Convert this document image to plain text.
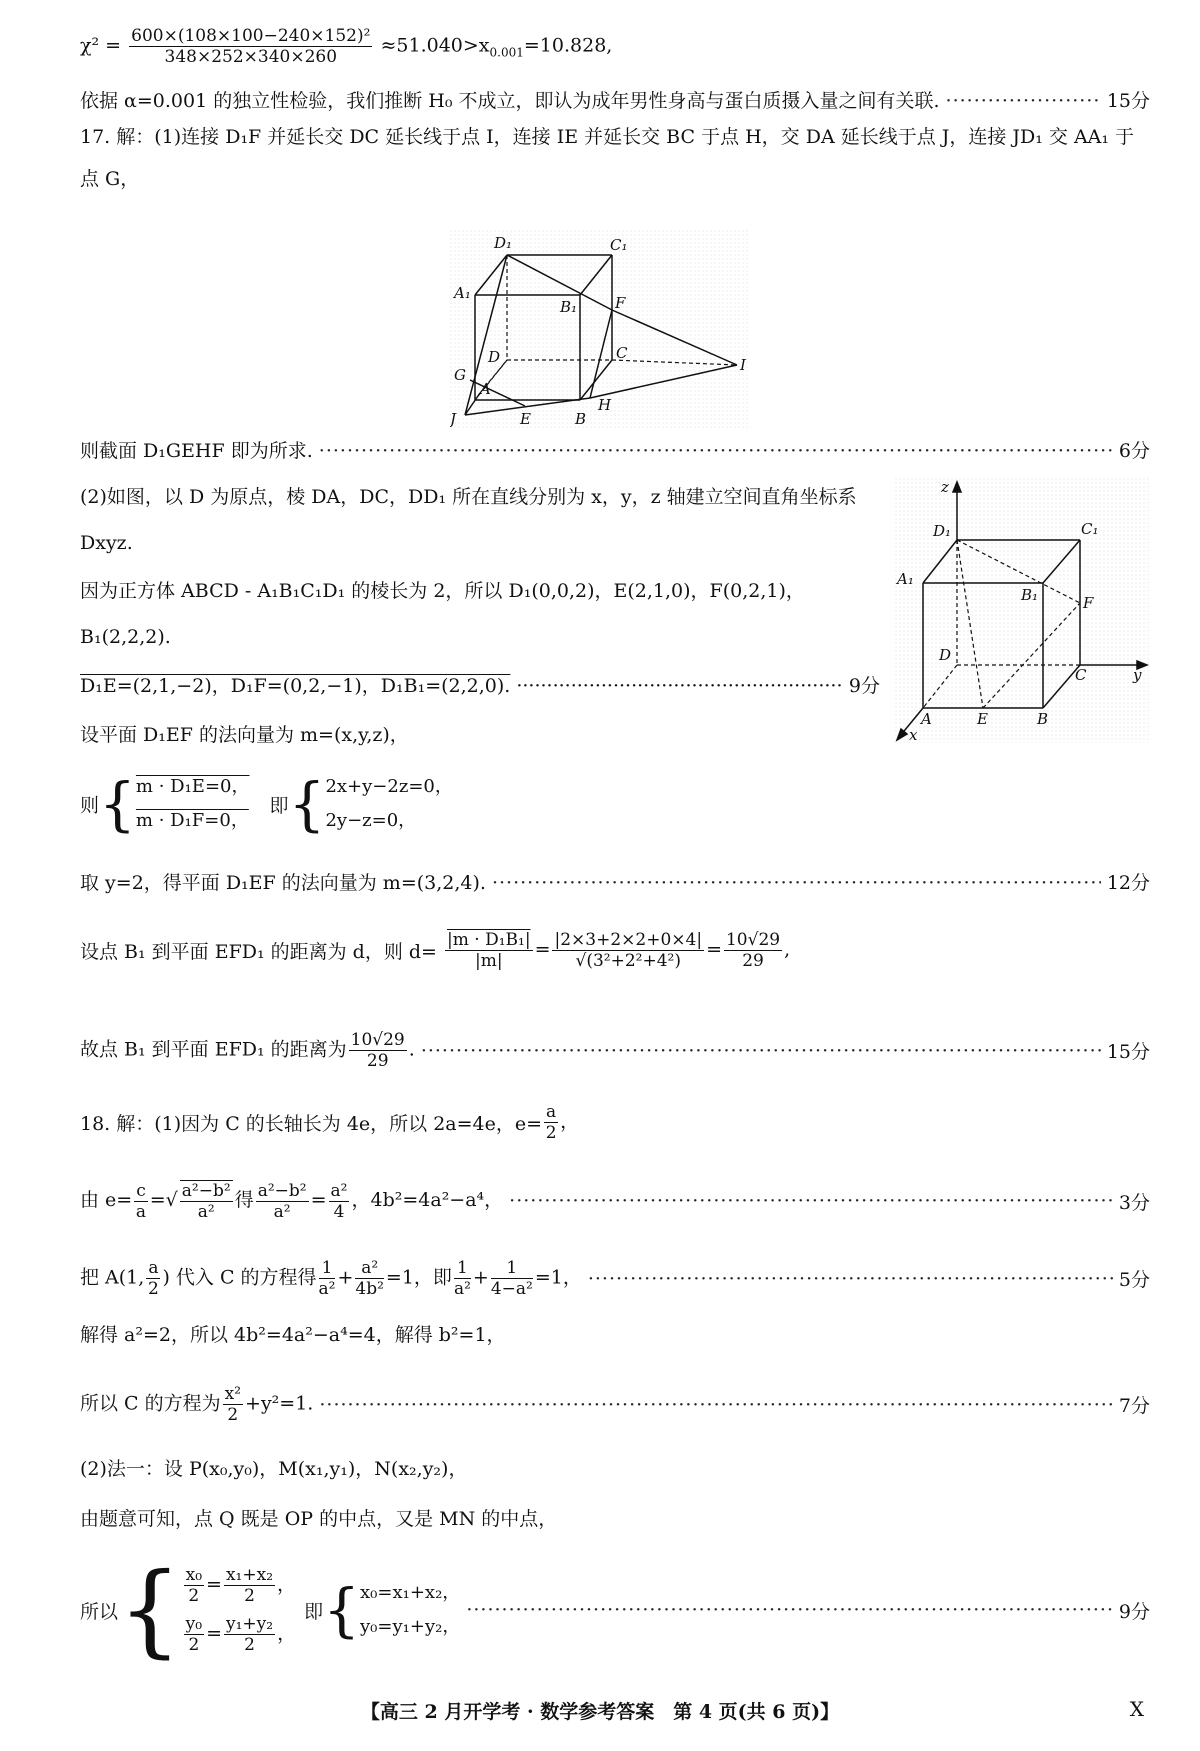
$\chi^2 = \frac{\text{600×(108×100−240×152)²}}{348\times 252\times 340\times 260} \approx 51.040>x_{0.001}=10.828$,
依据 α=0.001 的独立性检验，我们推断 H₀ 不成立，即认为成年男性身高与蛋白质摄入量之间有关联. ·····	15分
17. 解：(1)连接 D₁F 并延长交 DC 延长线于点 I，连接 IE 并延长交 BC 于点 H，交 DA 延长线于点 J，连接 JD₁ 交 AA₁ 于
点 G，
D₁	C₁
A₁
B₁	F
D	C
G
A
I
J	E	B
H
则截面 D₁GEHF 即为所求. ·····	6分
(2)如图，以 D 为原点，棱 DA，DC，DD₁ 所在直线分别为 x，y，z 轴建立空间直角坐标系
Dxyz.
因为正方体 ABCD - A₁B₁C₁D₁ 的棱长为 2，所以 D₁(0,0,2)，E(2,1,0)，F(0,2,1)，
B₁(2,2,2).
D₁E=(2,1,−2)，D₁F=(0,2,−1)，D₁B₁=(2,2,0). ·····	9分
z
D₁	C₁
A₁
B₁	F
D
C	y
A	E	B
x
设平面 D₁EF 的法向量为 m=(x,y,z)，
则{ $\frac{\text{m · D₁E=0，}}{\text{m · D₁F=0，}}$ 即{ 2x+y−2z=0，
2y−z=0，
取 y=2，得平面 D₁EF 的法向量为 m=(3,2,4). ·····	12分
设点 B₁ 到平面 EFD₁ 的距离为 d，则 $d= \frac{\text{|m · D₁B₁|}}{|m|} = \frac{|2\times 3+2\times 2+0\times 4|}{\text{√(3²+2²+4²)}} = \frac{10√29}{29}$ ,
故点 B₁ 到平面 EFD₁ 的距离为 $\frac{10√29}{29}$ . ·····	15分
18. 解：(1)因为 C 的长轴长为 4e，所以 2a=4e，$e= \frac{a}{2}$ ，
由 $e= \frac{c}{a}$ =√ $\frac{\text{a²−b²}}{\text{a²}}$ 得 $\frac{\text{a²−b²}}{\text{a²}} = \frac{\text{a²}}{4}$ ，4b²=4a²−a⁴， ·····	3分
把 A(1, $\frac{a}{2}$ ) 代入 C 的方程得 $\frac{1}{\text{a²}} + \frac{\text{a²}}{\text{4b²}} =1$，即 $\frac{1}{\text{a²}} + \frac{1}{\text{4−a²}} =1$， ·····	5分
解得 a²=2，所以 4b²=4a²−a⁴=4，解得 b²=1，
所以 C 的方程为 $\frac{\text{x²}}{2} +y^2=1$. ·····	7分
(2)法一：设 P(x₀,y₀)，M(x₁,y₁)，N(x₂,y₂)，
由题意可知，点 Q 既是 OP 的中点，又是 MN 的中点，
所以 { $\frac{\text{x₀}}{2} = \frac{\text{x₁+x₂}}{2}$ ，
$\frac{\text{y₀}}{2} = \frac{\text{y₁+y₂}}{2}$ ，
即 { x₀=x₁+x₂，
y₀=y₁+y₂，
·····
9分
【高三 2 月开学考 · 数学参考答案　第 4 页(共 6 页)】	X
